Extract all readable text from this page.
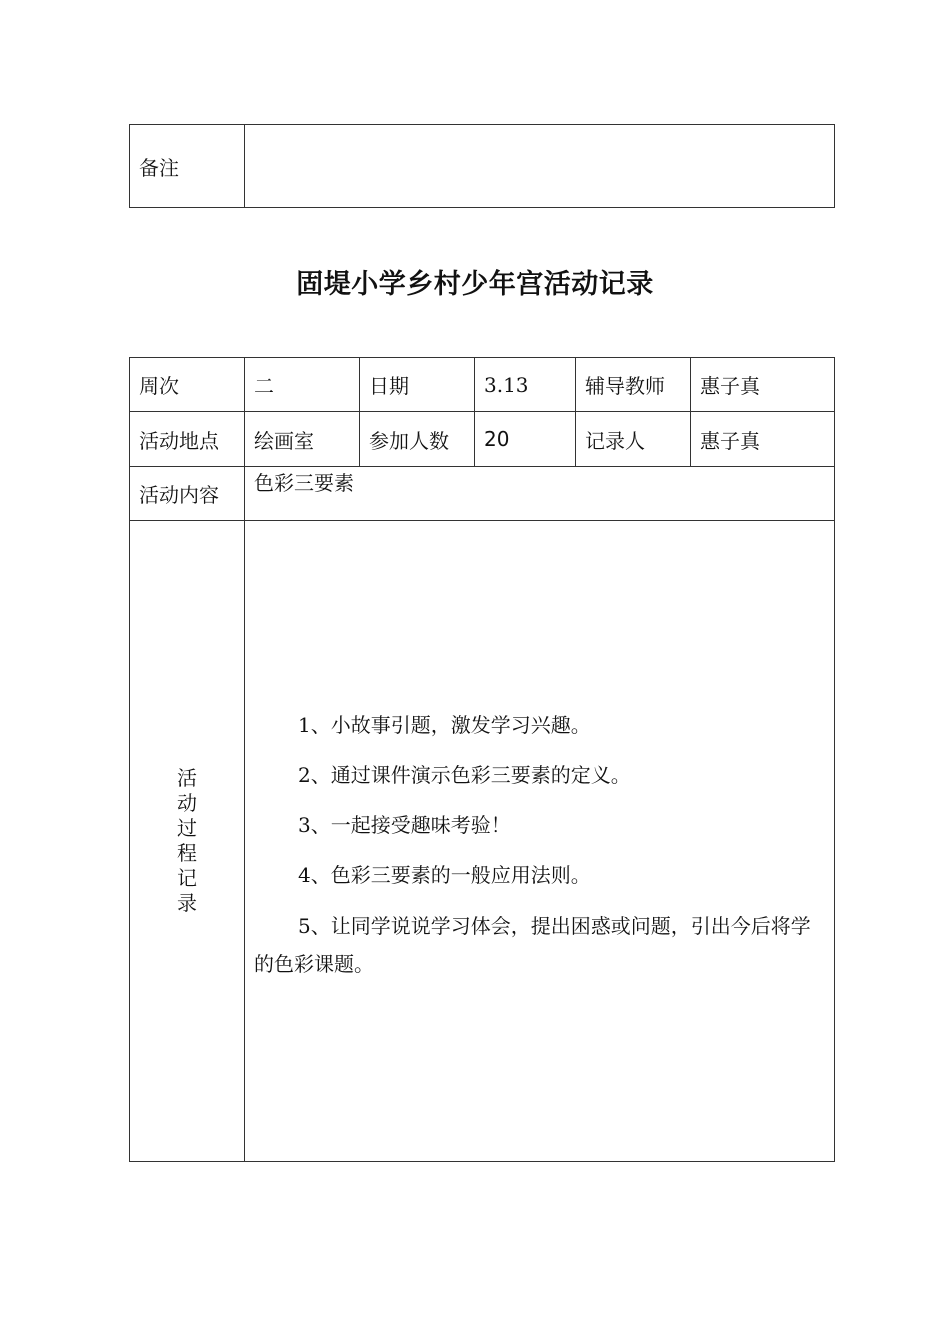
备注	
固堤小学乡村少年宫活动记录
周次	二	日期	3.13	辅导教师	惠子真
活动地点	绘画室	参加人数	20	记录人	惠子真
活动内容	色彩三要素				

活动过程记录	1、小故事引题，激发学习兴趣。

2、通过课件演示色彩三要素的定义。

3、一起接受趣味考验！

4、色彩三要素的一般应用法则。

5、让同学说说学习体会，提出困惑或问题，引出今后将学的色彩课题。				
